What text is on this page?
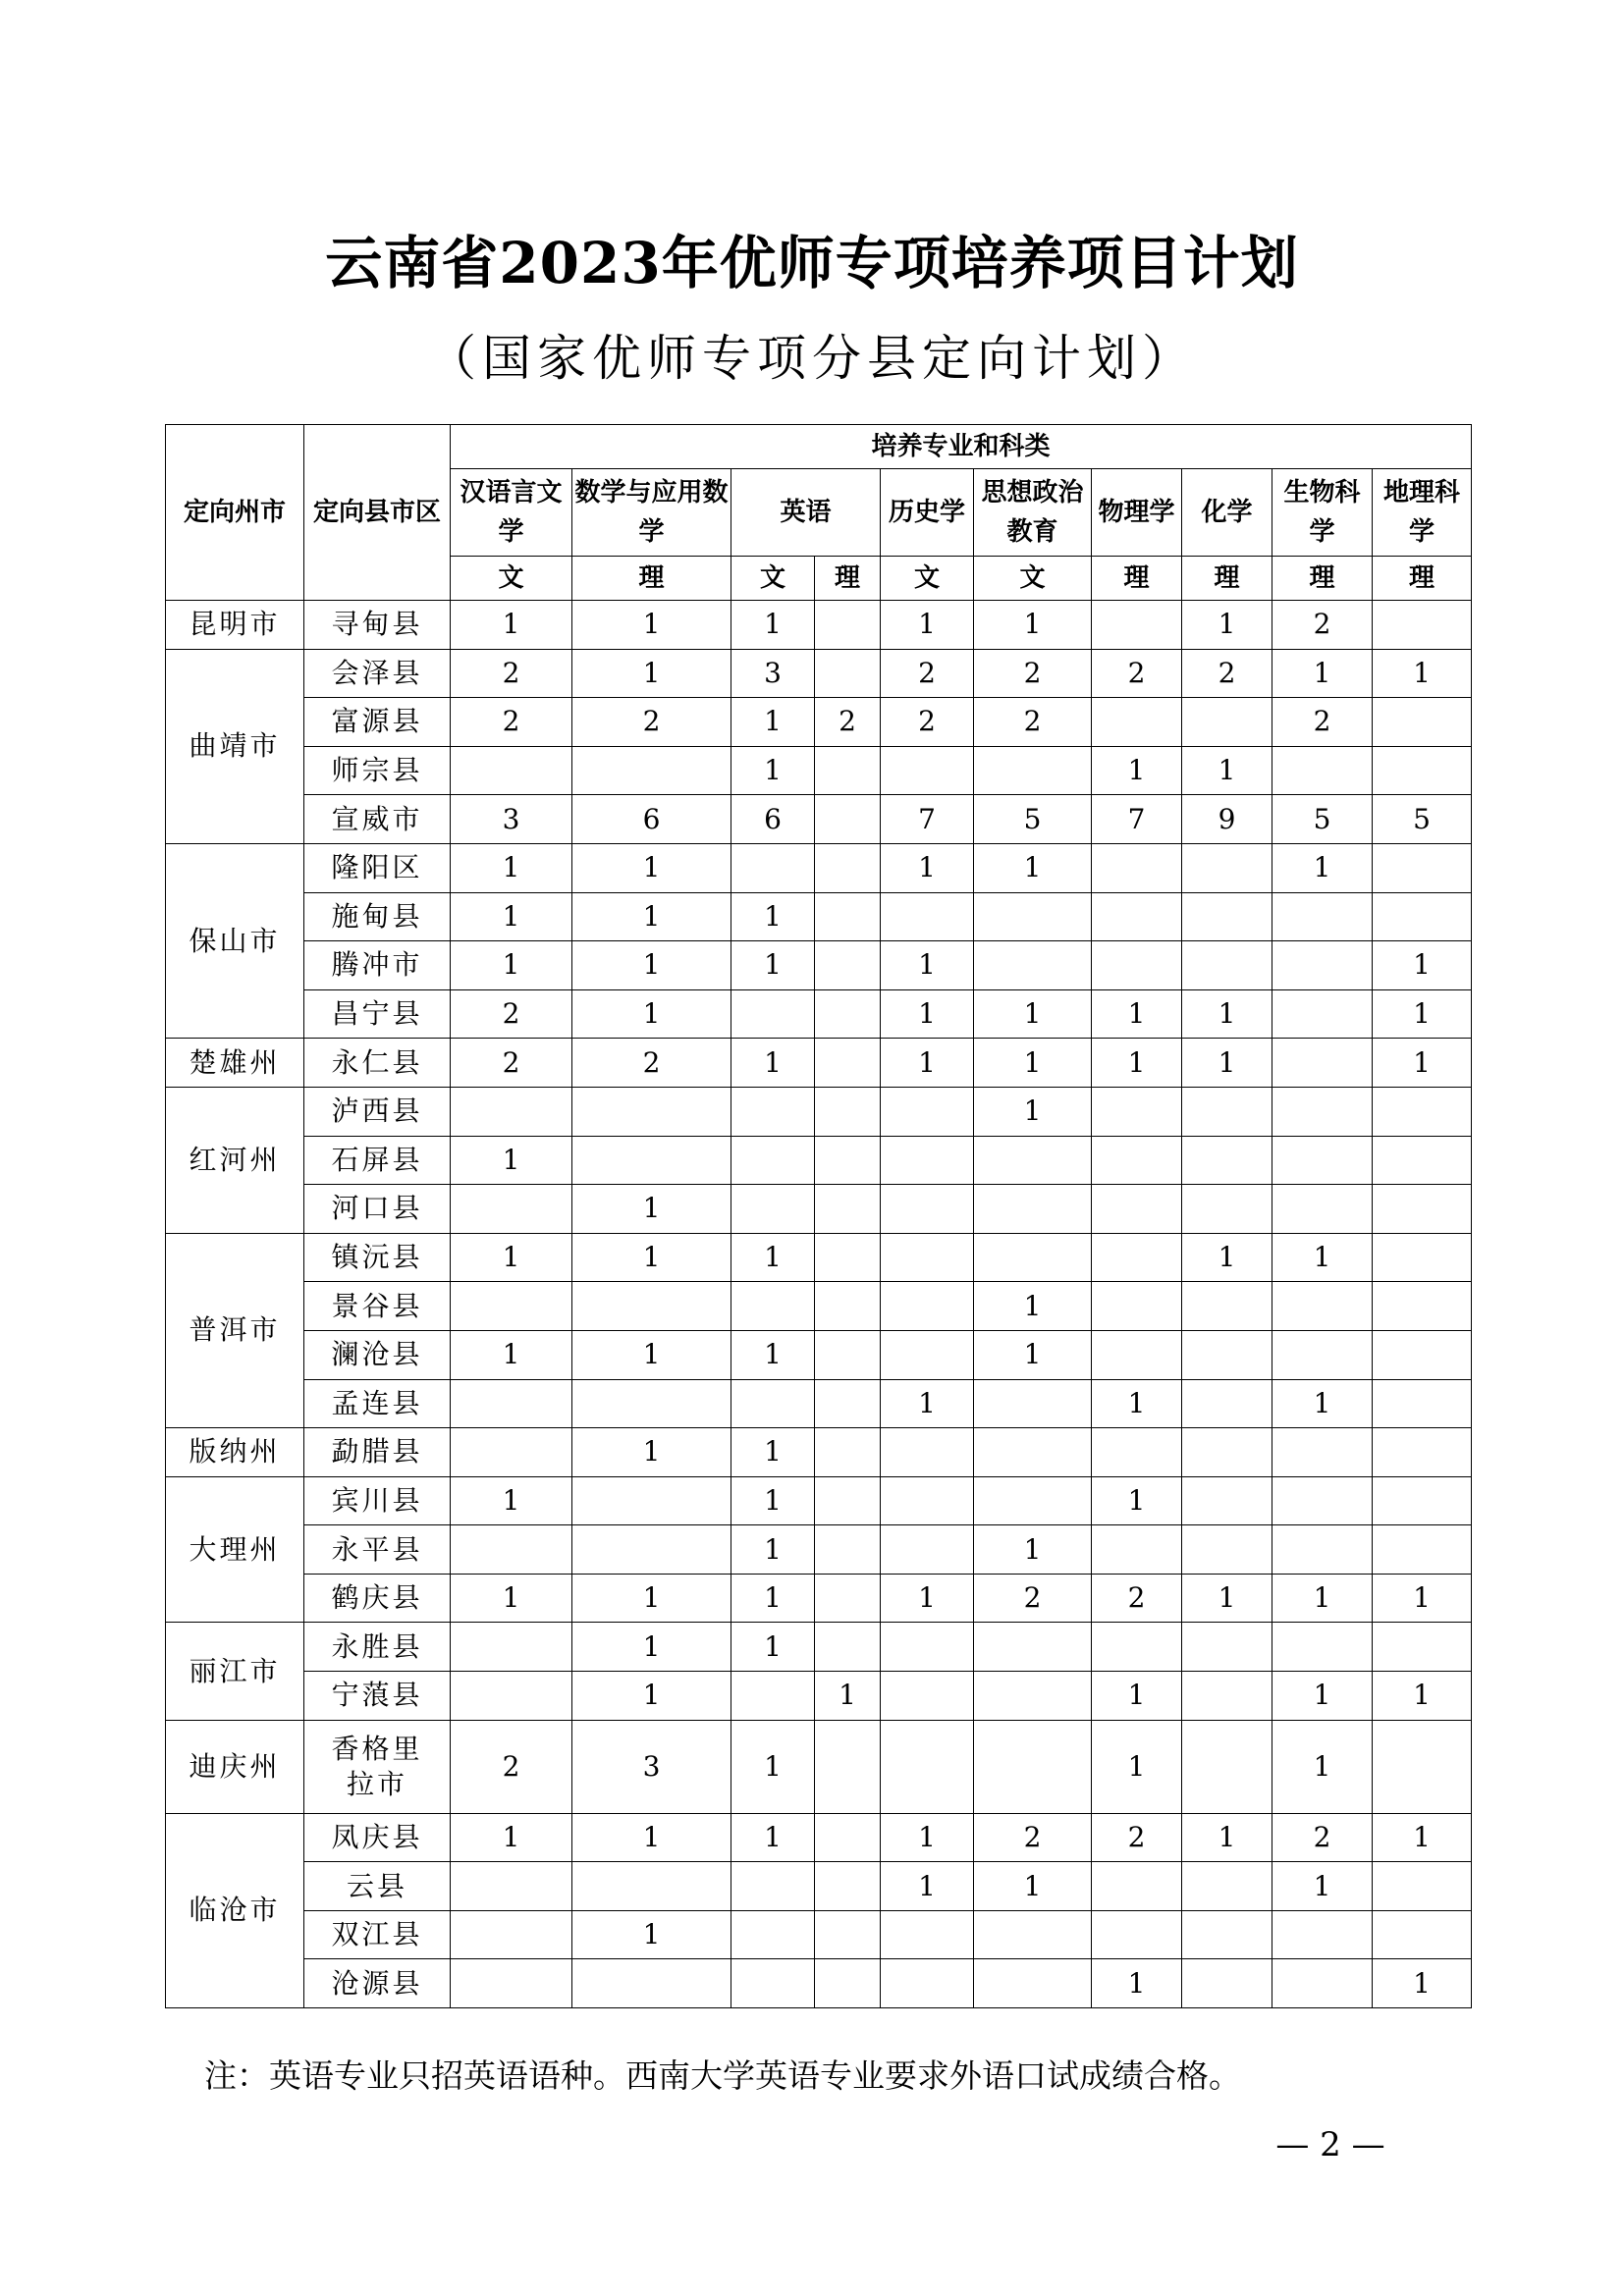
云南省2023年优师专项培养项目计划
（国家优师专项分县定向计划）
定向州市	定向县市区	培养专业和科类									
		汉语言文学	数学与应用数学	英语		历史学	思想政治教育	物理学	化学	生物科学	地理科学
		文	理	文	理	文	文	理	理	理	理
昆明市	寻甸县	1	1	1		1	1		1	2	
曲靖市	会泽县	2	1	3		2	2	2	2	1	1
	富源县	2	2	1	2	2	2			2	
	师宗县			1				1	1		
	宣威市	3	6	6		7	5	7	9	5	5
保山市	隆阳区	1	1			1	1			1	
	施甸县	1	1	1							
	腾冲市	1	1	1		1					1
	昌宁县	2	1			1	1	1	1		1
楚雄州	永仁县	2	2	1		1	1	1	1		1
红河州	泸西县						1				
	石屏县	1									
	河口县		1								
普洱市	镇沅县	1	1	1					1	1	
	景谷县						1				
	澜沧县	1	1	1			1				
	孟连县					1		1		1	
版纳州	勐腊县		1	1							
大理州	宾川县	1		1				1			
	永平县			1			1				
	鹤庆县	1	1	1		1	2	2	1	1	1
丽江市	永胜县		1	1							
	宁蒗县		1		1			1		1	1
迪庆州	香格里拉市	2	3	1				1		1	
临沧市	凤庆县	1	1	1		1	2	2	1	2	1
	云县					1	1			1	
	双江县		1								
	沧源县							1			1
注：英语专业只招英语语种。西南大学英语专业要求外语口试成绩合格。
— 2 —
